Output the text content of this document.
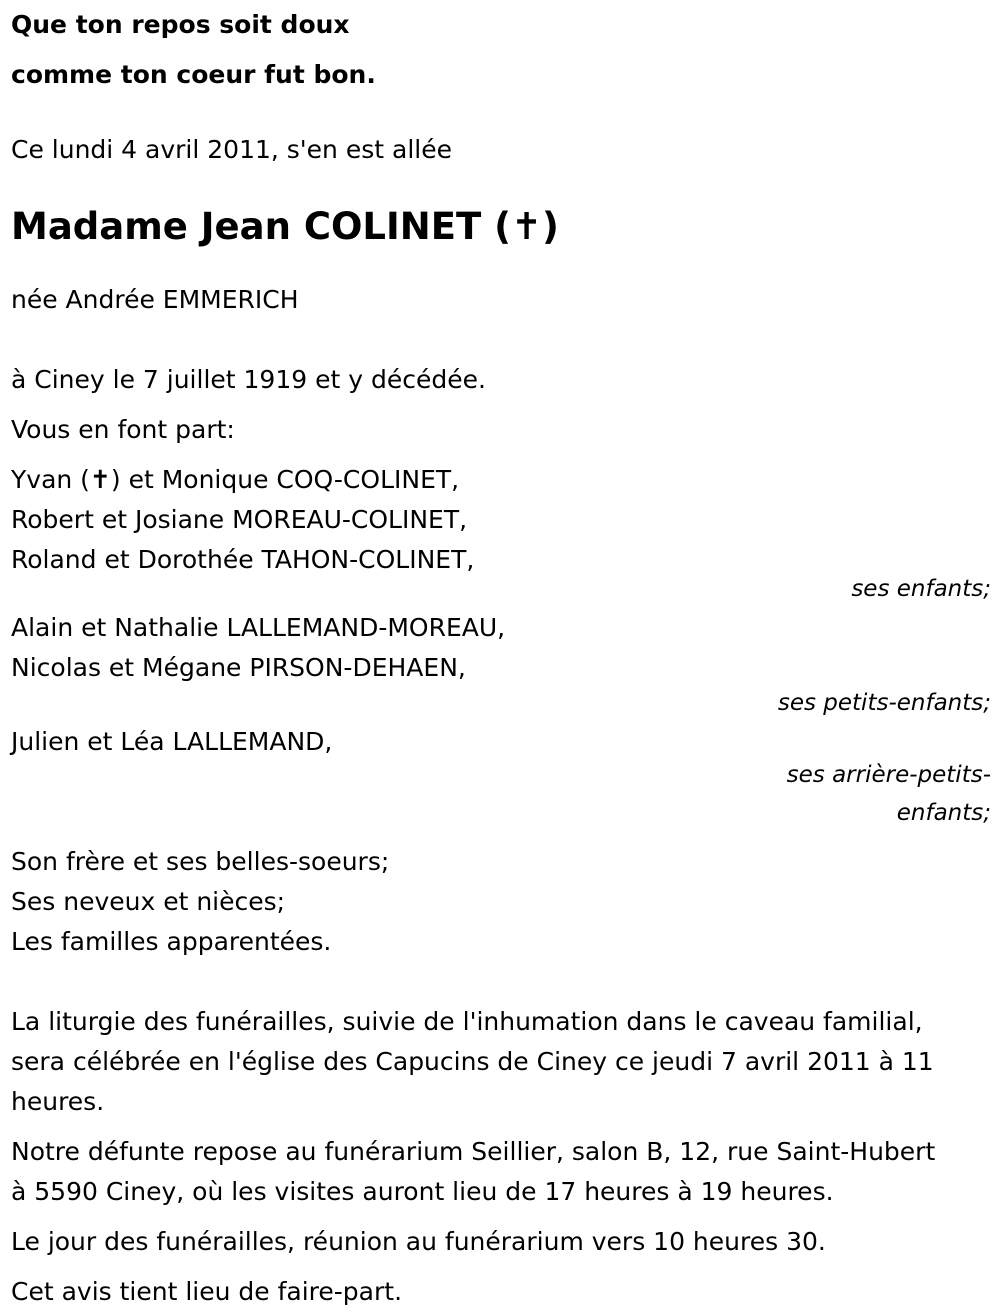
Que ton repos soit doux
comme ton coeur fut bon.
Ce lundi 4 avril 2011, s'en est allée
Madame Jean COLINET (✝)
née Andrée EMMERICH
à Ciney le 7 juillet 1919 et y décédée.
Vous en font part:
Yvan (✝) et Monique COQ-COLINET,
Robert et Josiane MOREAU-COLINET,
Roland et Dorothée TAHON-COLINET,
ses enfants;
Alain et Nathalie LALLEMAND-MOREAU,
Nicolas et Mégane PIRSON-DEHAEN,
ses petits-enfants;
Julien et Léa LALLEMAND,
ses arrière-petits-
enfants;
Son frère et ses belles-soeurs;
Ses neveux et nièces;
Les familles apparentées.
La liturgie des funérailles, suivie de l'inhumation dans le caveau familial,
sera célébrée en l'église des Capucins de Ciney ce jeudi 7 avril 2011 à 11
heures.
Notre défunte repose au funérarium Seillier, salon B, 12, rue Saint-Hubert
à 5590 Ciney, où les visites auront lieu de 17 heures à 19 heures.
Le jour des funérailles, réunion au funérarium vers 10 heures 30.
Cet avis tient lieu de faire-part.
